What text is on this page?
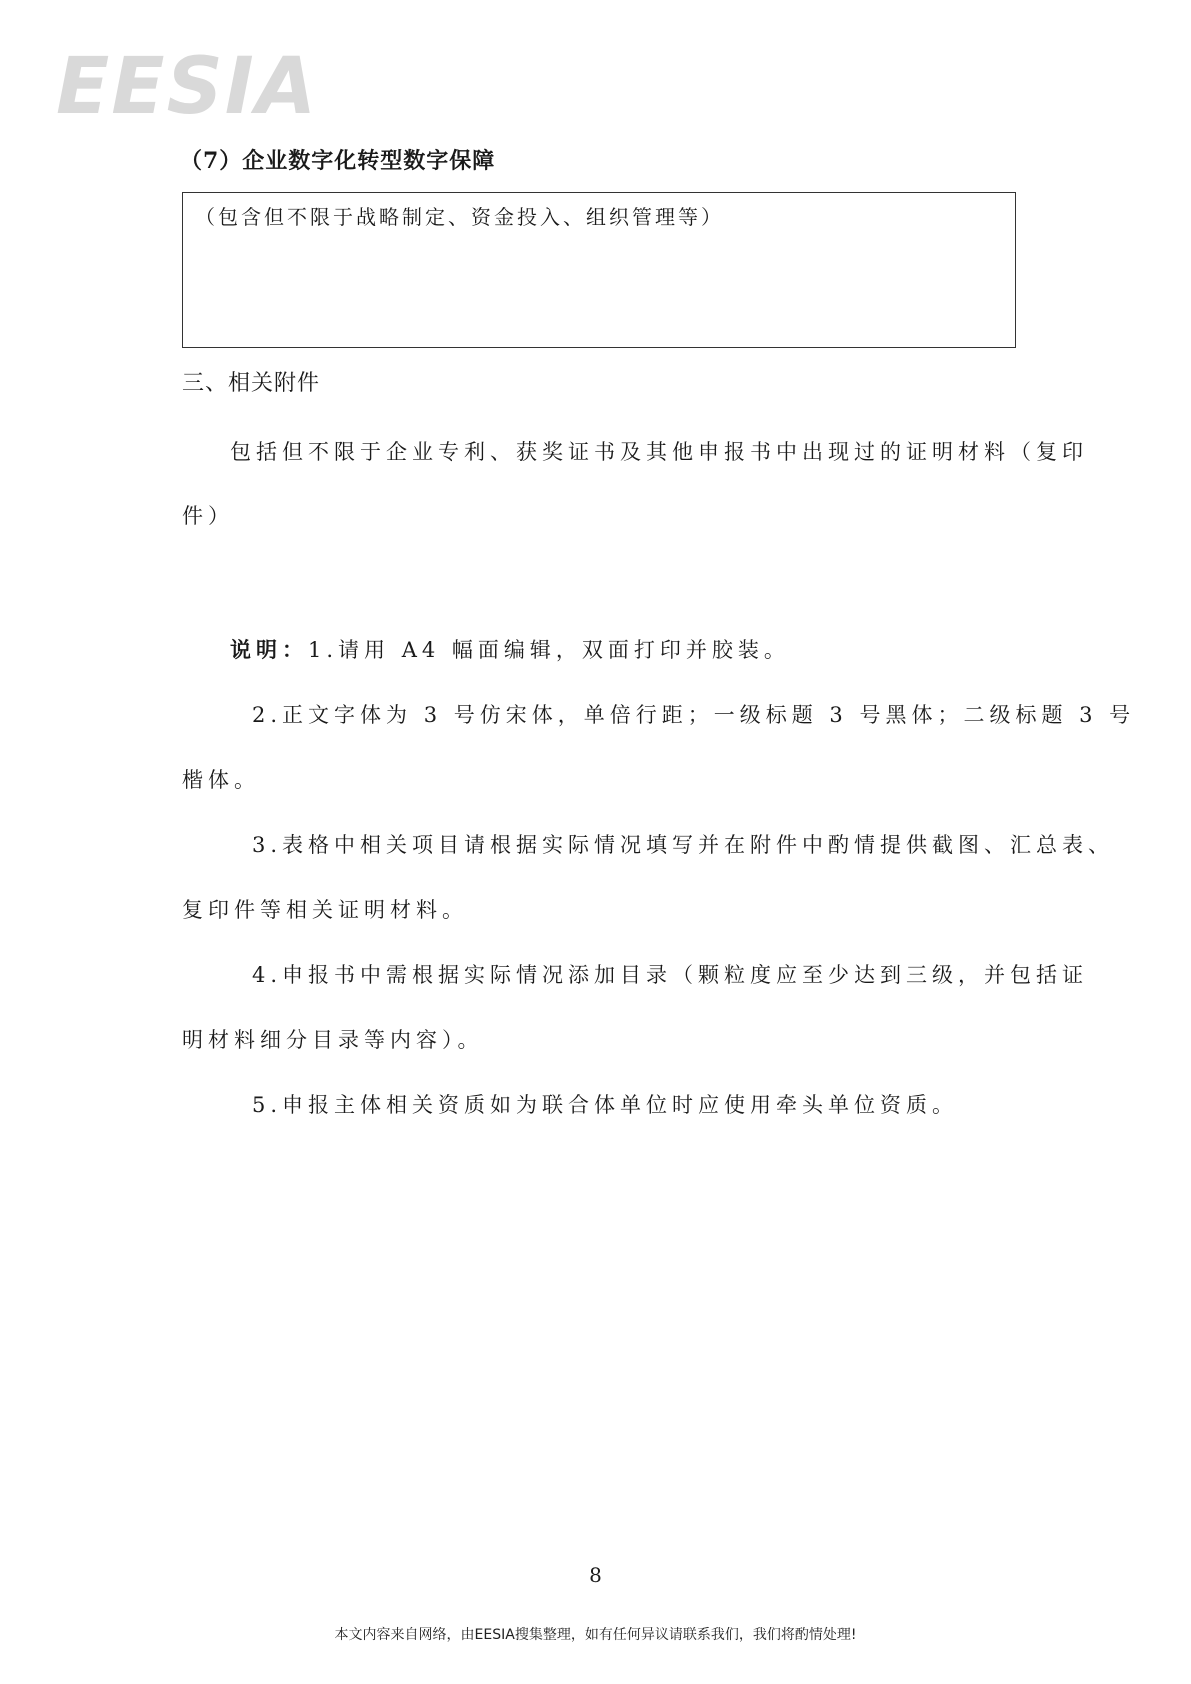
EESIA
（7）企业数字化转型数字保障
（包含但不限于战略制定、资金投入、组织管理等）
三、相关附件
包括但不限于企业专利、获奖证书及其他申报书中出现过的证明材料（复印
件）
说明：1.请用 A4 幅面编辑，双面打印并胶装。
2.正文字体为 3 号仿宋体，单倍行距；一级标题 3 号黑体；二级标题 3 号
楷体。
3.表格中相关项目请根据实际情况填写并在附件中酌情提供截图、汇总表、
复印件等相关证明材料。
4.申报书中需根据实际情况添加目录（颗粒度应至少达到三级，并包括证
明材料细分目录等内容）。
5.申报主体相关资质如为联合体单位时应使用牵头单位资质。
8
本文内容来自网络，由EESIA搜集整理，如有任何异议请联系我们，我们将酌情处理!
